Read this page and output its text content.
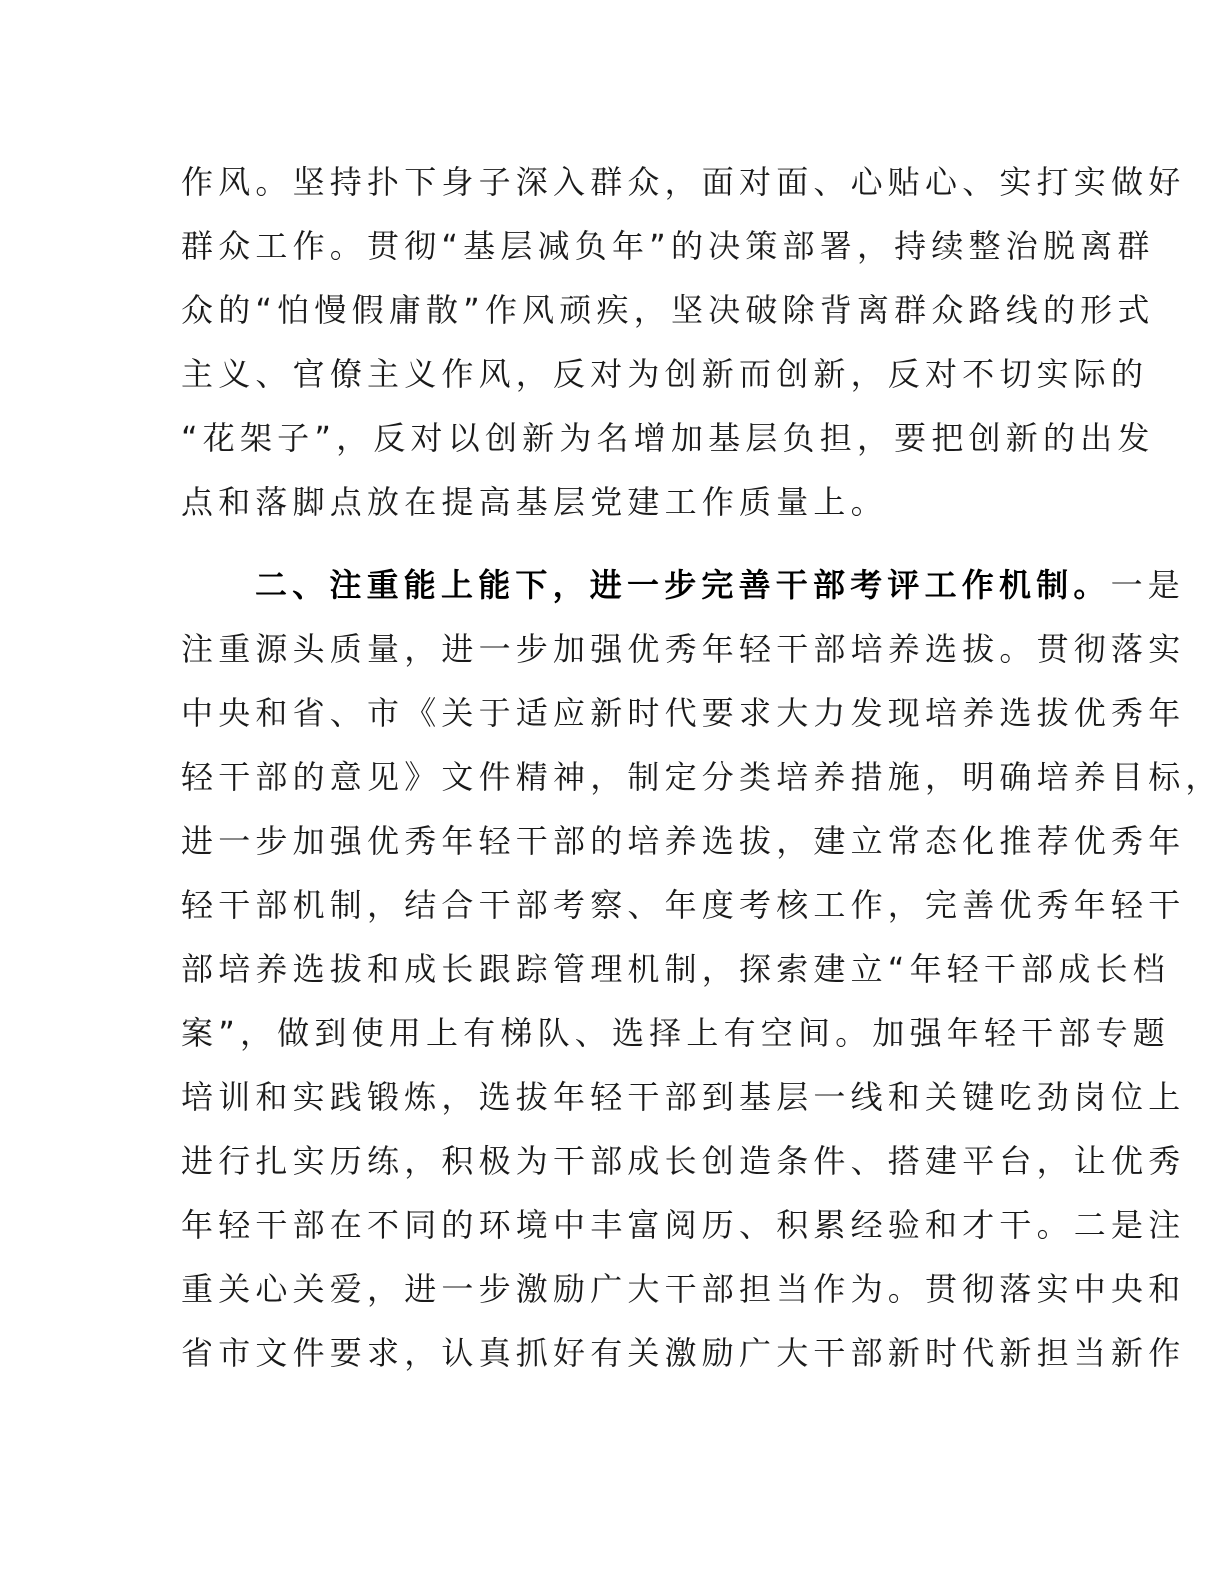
作风。坚持扑下身子深入群众，面对面、心贴心、实打实做好
群众工作。贯彻“基层减负年”的决策部署，持续整治脱离群
众的“怕慢假庸散”作风顽疾，坚决破除背离群众路线的形式
主义、官僚主义作风，反对为创新而创新，反对不切实际的
“花架子”，反对以创新为名增加基层负担，要把创新的出发
点和落脚点放在提高基层党建工作质量上。
二、注重能上能下，进一步完善干部考评工作机制。一是
注重源头质量，进一步加强优秀年轻干部培养选拔。贯彻落实
中央和省、市《关于适应新时代要求大力发现培养选拔优秀年
轻干部的意见》文件精神，制定分类培养措施，明确培养目标，
进一步加强优秀年轻干部的培养选拔，建立常态化推荐优秀年
轻干部机制，结合干部考察、年度考核工作，完善优秀年轻干
部培养选拔和成长跟踪管理机制，探索建立“年轻干部成长档
案”，做到使用上有梯队、选择上有空间。加强年轻干部专题
培训和实践锻炼，选拔年轻干部到基层一线和关键吃劲岗位上
进行扎实历练，积极为干部成长创造条件、搭建平台，让优秀
年轻干部在不同的环境中丰富阅历、积累经验和才干。二是注
重关心关爱，进一步激励广大干部担当作为。贯彻落实中央和
省市文件要求，认真抓好有关激励广大干部新时代新担当新作
